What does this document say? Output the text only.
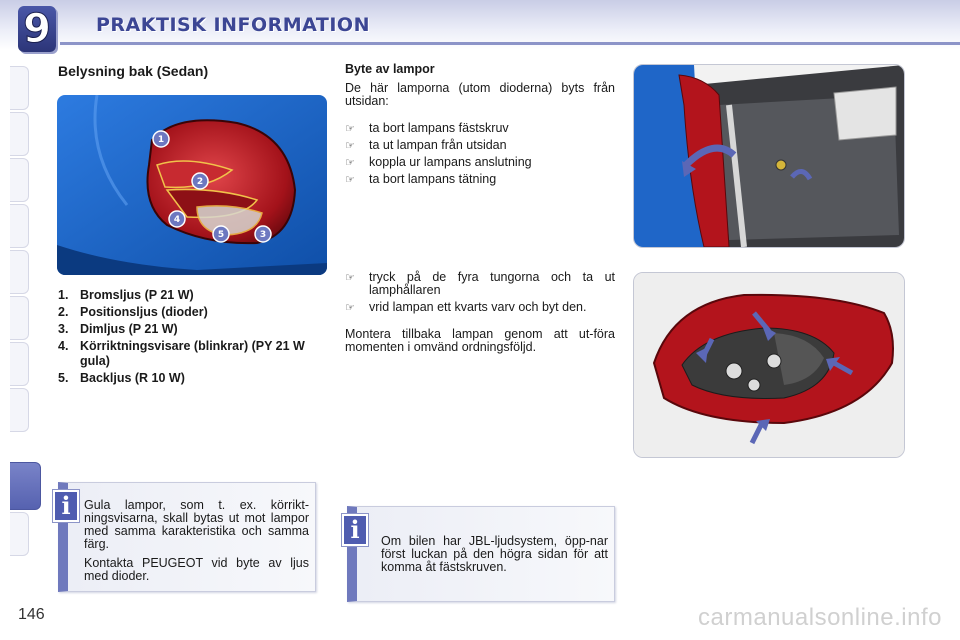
9 PRAKTISK INFORMATION
Belysning bak (Sedan)
1
2
3
4
5
1. Bromsljus (P 21 W)
2. Positionsljus (dioder)
3. Dimljus (P 21 W)
4. Körriktningsvisare (blinkrar) (PY 21 W gula)
5. Backljus (R 10 W)

Gula lampor, som t. ex. körrikt-ningsvisarna, skall bytas ut mot lampor med samma karakteristika och samma färg.

Kontakta PEUGEOT vid byte av ljus med dioder.

i

Byte av lampor

De här lamporna (utom dioderna) byts från utsidan:

☞ ta bort lampans fästskruv
☞ ta ut lampan från utsidan
☞ koppla ur lampans anslutning
☞ ta bort lampans tätning
☞ tryck på de fyra tungorna och ta ut lamphållaren
☞ vrid lampan ett kvarts varv och byt den.

Montera tillbaka lampan genom att ut-föra momenten i omvänd ordningsföljd.

Om bilen har JBL-ljudsystem, öpp-nar först luckan på den högra sidan för att komma åt fästskruven.

i
146	carmanualsonline.info
